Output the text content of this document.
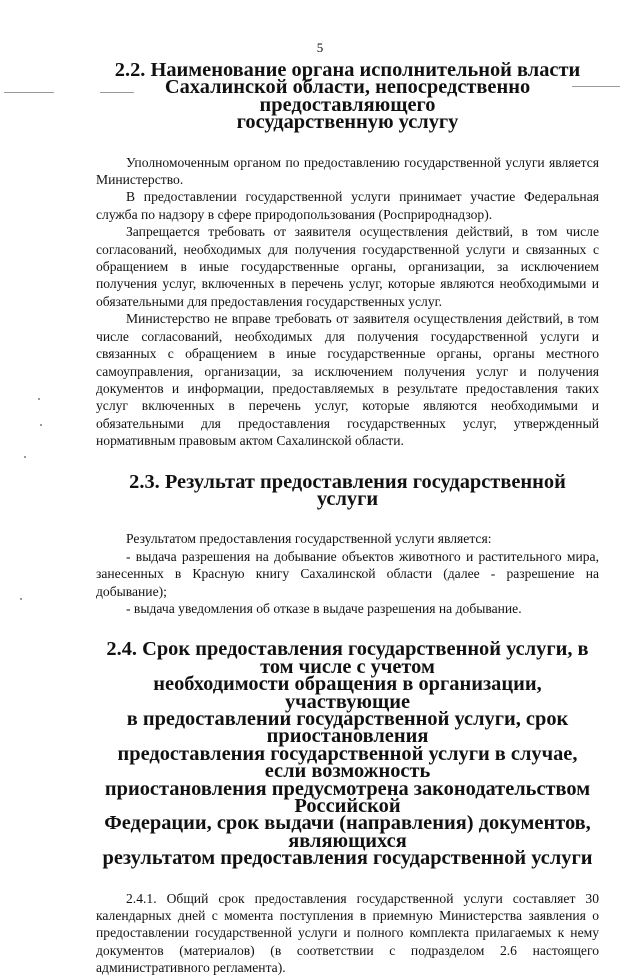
5
2.2. Наименование органа исполнительной власти
Сахалинской области, непосредственно предоставляющего
государственную услугу

Уполномоченным органом по предоставлению государственной услуги является Министерство.

В предоставлении государственной услуги принимает участие Федеральная служба по надзору в сфере природопользования (Росприроднадзор).

Запрещается требовать от заявителя осуществления действий, в том числе согласований, необходимых для получения государственной услуги и связанных с обращением в иные государственные органы, организации, за исключением получения услуг, включенных в перечень услуг, которые являются необходимыми и обязательными для предоставления государственных услуг.

Министерство не вправе требовать от заявителя осуществления действий, в том числе согласований, необходимых для получения государственной услуги и связанных с обращением в иные государственные органы, органы местного самоуправления, организации, за исключением получения услуг и получения документов и информации, предоставляемых в результате предоставления таких услуг включенных в перечень услуг, которые являются необходимыми и обязательными для предоставления государственных услуг, утвержденный нормативным правовым актом Сахалинской области.

2.3. Результат предоставления государственной услуги

Результатом предоставления государственной услуги является:

- выдача разрешения на добывание объектов животного и растительного мира, занесенных в Красную книгу Сахалинской области (далее - разрешение на добывание);

- выдача уведомления об отказе в выдаче разрешения на добывание.

2.4. Срок предоставления государственной услуги, в том числе с учетом
необходимости обращения в организации, участвующие
в предоставлении государственной услуги, срок приостановления
предоставления государственной услуги в случае, если возможность
приостановления предусмотрена законодательством Российской
Федерации, срок выдачи (направления) документов, являющихся
результатом предоставления государственной услуги

2.4.1. Общий срок предоставления государственной услуги составляет 30 календарных дней с момента поступления в приемную Министерства заявления о предоставлении государственной услуги и полного комплекта прилагаемых к нему документов (материалов) (в соответствии с подразделом 2.6 настоящего административного регламента).
